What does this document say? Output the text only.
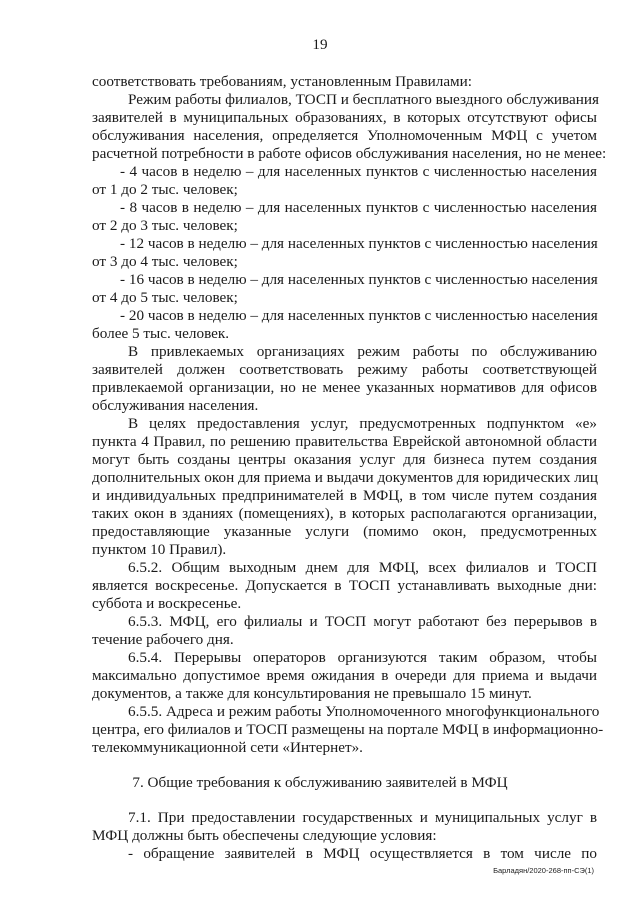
19
соответствовать требованиям, установленным Правилами:
Режим работы филиалов, ТОСП и бесплатного выездного обслуживания
заявителей в муниципальных образованиях, в которых отсутствуют офисы
обслуживания населения, определяется Уполномоченным МФЦ с учетом
расчетной потребности в работе офисов обслуживания населения, но не менее:
- 4 часов в неделю – для населенных пунктов с численностью населения
от 1 до 2 тыс. человек;
- 8 часов в неделю – для населенных пунктов с численностью населения
от 2 до 3 тыс. человек;
- 12 часов в неделю – для населенных пунктов с численностью населения
от 3 до 4 тыс. человек;
- 16 часов в неделю – для населенных пунктов с численностью населения
от 4 до 5 тыс. человек;
- 20 часов в неделю – для населенных пунктов с численностью населения
более 5 тыс. человек.
В привлекаемых организациях режим работы по обслуживанию
заявителей должен соответствовать режиму работы соответствующей
привлекаемой организации, но не менее указанных нормативов для офисов
обслуживания населения.
В целях предоставления услуг, предусмотренных подпунктом «е»
пункта 4 Правил, по решению правительства Еврейской автономной области
могут быть созданы центры оказания услуг для бизнеса путем создания
дополнительных окон для приема и выдачи документов для юридических лиц
и индивидуальных предпринимателей в МФЦ, в том числе путем создания
таких окон в зданиях (помещениях), в которых располагаются организации,
предоставляющие указанные услуги (помимо окон, предусмотренных
пунктом 10 Правил).
6.5.2. Общим выходным днем для МФЦ, всех филиалов и ТОСП
является воскресенье. Допускается в ТОСП устанавливать выходные дни:
суббота и воскресенье.
6.5.3. МФЦ, его филиалы и ТОСП могут работают без перерывов в
течение рабочего дня.
6.5.4. Перерывы операторов организуются таким образом, чтобы
максимально допустимое время ожидания в очереди для приема и выдачи
документов, а также для консультирования не превышало 15 минут.
6.5.5. Адреса и режим работы Уполномоченного многофункционального
центра, его филиалов и ТОСП размещены на портале МФЦ в информационно-
телекоммуникационной сети «Интернет».
7. Общие требования к обслуживанию заявителей в МФЦ
7.1. При предоставлении государственных и муниципальных услуг в
МФЦ должны быть обеспечены следующие условия:
- обращение заявителей в МФЦ осуществляется в том числе по
Барладян/2020-268-пп-СЭ(1)
